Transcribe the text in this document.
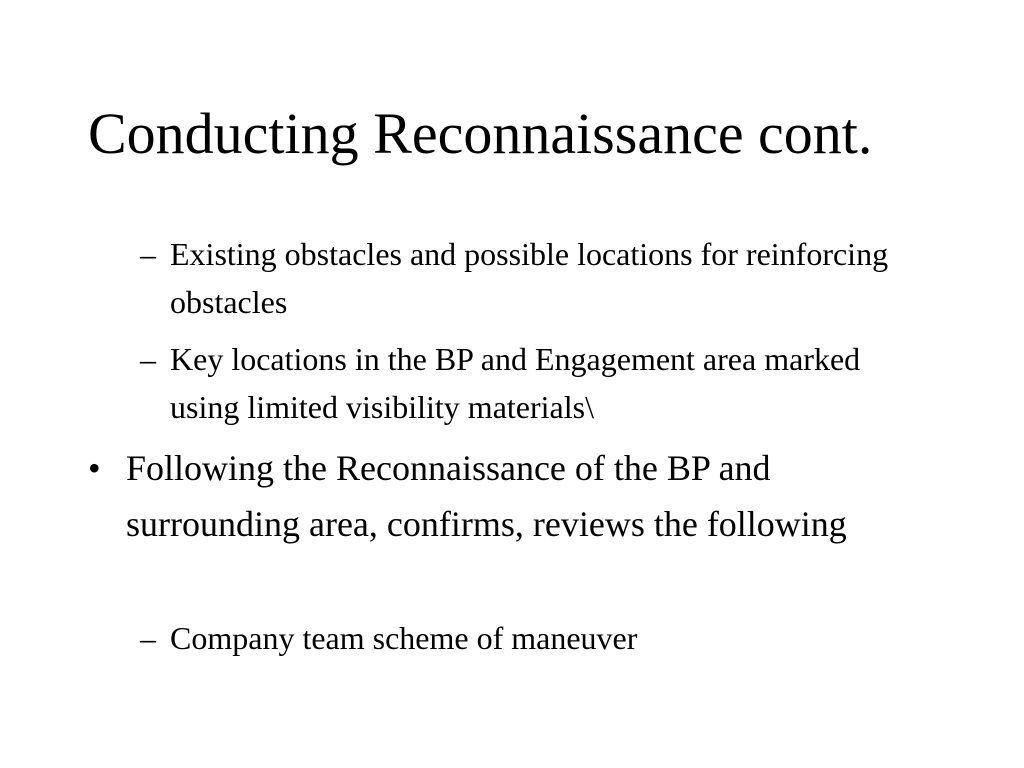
Conducting Reconnaissance cont.
– Existing obstacles and possible locations for reinforcing obstacles
– Key locations in the BP and Engagement area marked using limited visibility materials\
• Following the Reconnaissance of the BP and surrounding area, confirms, reviews the following
– Company team scheme of maneuver
